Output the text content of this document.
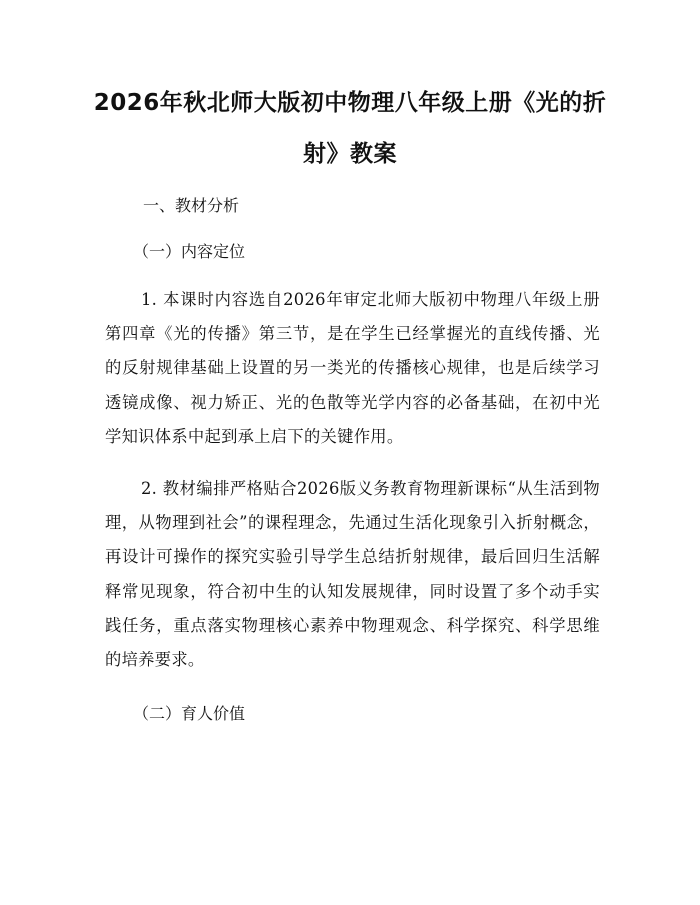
2026年秋北师大版初中物理八年级上册《光的折射》教案

一、教材分析

（一）内容定位

1. 本课时内容选自2026年审定北师大版初中物理八年级上册第四章《光的传播》第三节，是在学生已经掌握光的直线传播、光的反射规律基础上设置的另一类光的传播核心规律，也是后续学习透镜成像、视力矫正、光的色散等光学内容的必备基础，在初中光学知识体系中起到承上启下的关键作用。

2. 教材编排严格贴合2026版义务教育物理新课标“从生活到物理，从物理到社会”的课程理念，先通过生活化现象引入折射概念，再设计可操作的探究实验引导学生总结折射规律，最后回归生活解释常见现象，符合初中生的认知发展规律，同时设置了多个动手实践任务，重点落实物理核心素养中物理观念、科学探究、科学思维的培养要求。

（二）育人价值
